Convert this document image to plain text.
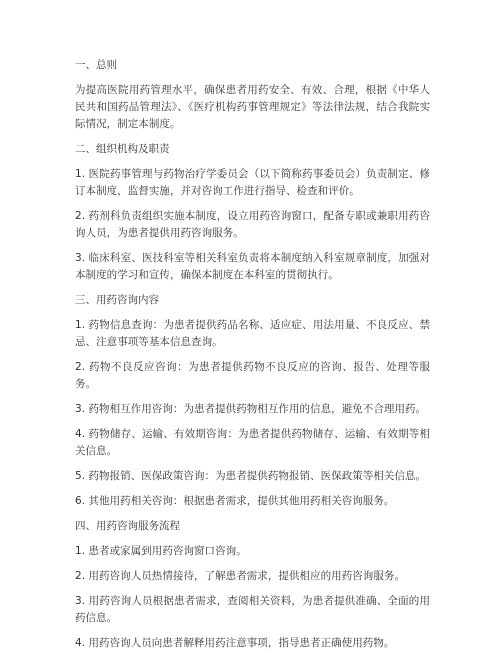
一、总则
为提高医院用药管理水平，确保患者用药安全、有效、合理，根据《中华人民共和国药品管理法》、《医疗机构药事管理规定》等法律法规，结合我院实际情况，制定本制度。
二、组织机构及职责
1. 医院药事管理与药物治疗学委员会（以下简称药事委员会）负责制定、修订本制度，监督实施，并对咨询工作进行指导、检查和评价。
2. 药剂科负责组织实施本制度，设立用药咨询窗口，配备专职或兼职用药咨询人员，为患者提供用药咨询服务。
3. 临床科室、医技科室等相关科室负责将本制度纳入科室规章制度，加强对本制度的学习和宣传，确保本制度在本科室的贯彻执行。
三、用药咨询内容
1. 药物信息查询：为患者提供药品名称、适应症、用法用量、不良反应、禁忌、注意事项等基本信息查询。
2. 药物不良反应咨询：为患者提供药物不良反应的咨询、报告、处理等服务。
3. 药物相互作用咨询：为患者提供药物相互作用的信息，避免不合理用药。
4. 药物储存、运输、有效期咨询：为患者提供药物储存、运输、有效期等相关信息。
5. 药物报销、医保政策咨询：为患者提供药物报销、医保政策等相关信息。
6. 其他用药相关咨询：根据患者需求，提供其他用药相关咨询服务。
四、用药咨询服务流程
1. 患者或家属到用药咨询窗口咨询。
2. 用药咨询人员热情接待，了解患者需求，提供相应的用药咨询服务。
3. 用药咨询人员根据患者需求，查阅相关资料，为患者提供准确、全面的用药信息。
4. 用药咨询人员向患者解释用药注意事项，指导患者正确使用药物。
